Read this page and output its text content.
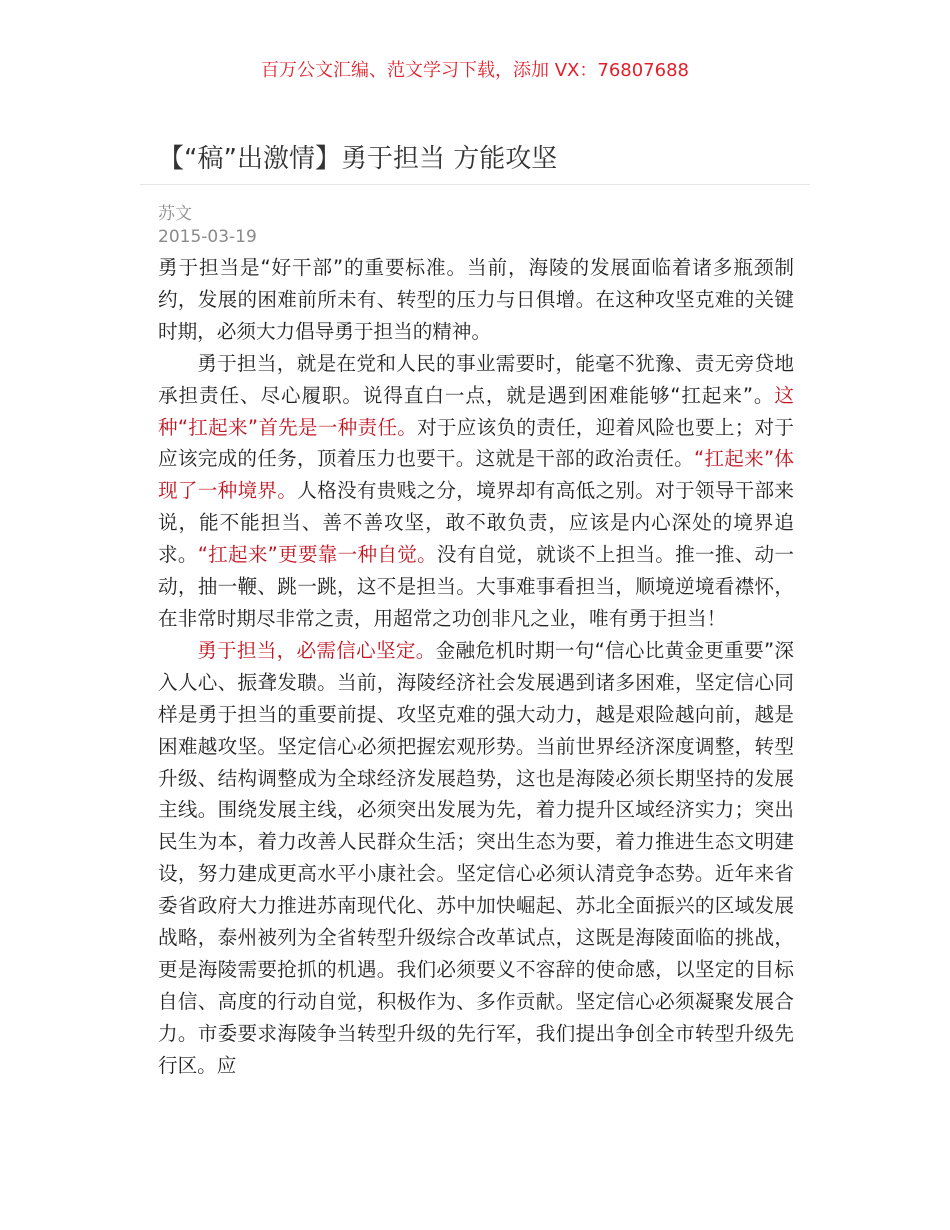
百万公文汇编、范文学习下载，添加 VX：76807688
【“稿”出激情】勇于担当 方能攻坚
苏文
2015-03-19

勇于担当是“好干部”的重要标准。当前，海陵的发展面临着诸多瓶颈制约，发展的困难前所未有、转型的压力与日俱增。在这种攻坚克难的关键时期，必须大力倡导勇于担当的精神。

勇于担当，就是在党和人民的事业需要时，能毫不犹豫、责无旁贷地承担责任、尽心履职。说得直白一点，就是遇到困难能够“扛起来”。这种“扛起来”首先是一种责任。对于应该负的责任，迎着风险也要上；对于应该完成的任务，顶着压力也要干。这就是干部的政治责任。“扛起来”体现了一种境界。人格没有贵贱之分，境界却有高低之别。对于领导干部来说，能不能担当、善不善攻坚，敢不敢负责，应该是内心深处的境界追求。“扛起来”更要靠一种自觉。没有自觉，就谈不上担当。推一推、动一动，抽一鞭、跳一跳，这不是担当。大事难事看担当，顺境逆境看襟怀，在非常时期尽非常之责，用超常之功创非凡之业，唯有勇于担当！

勇于担当，必需信心坚定。金融危机时期一句“信心比黄金更重要”深入人心、振聋发聩。当前，海陵经济社会发展遇到诸多困难，坚定信心同样是勇于担当的重要前提、攻坚克难的强大动力，越是艰险越向前，越是困难越攻坚。坚定信心必须把握宏观形势。当前世界经济深度调整，转型升级、结构调整成为全球经济发展趋势，这也是海陵必须长期坚持的发展主线。围绕发展主线，必须突出发展为先，着力提升区域经济实力；突出民生为本，着力改善人民群众生活；突出生态为要，着力推进生态文明建设，努力建成更高水平小康社会。坚定信心必须认清竞争态势。近年来省委省政府大力推进苏南现代化、苏中加快崛起、苏北全面振兴的区域发展战略，泰州被列为全省转型升级综合改革试点，这既是海陵面临的挑战，更是海陵需要抢抓的机遇。我们必须要义不容辞的使命感，以坚定的目标自信、高度的行动自觉，积极作为、多作贡献。坚定信心必须凝聚发展合力。市委要求海陵争当转型升级的先行军，我们提出争创全市转型升级先行区。应
